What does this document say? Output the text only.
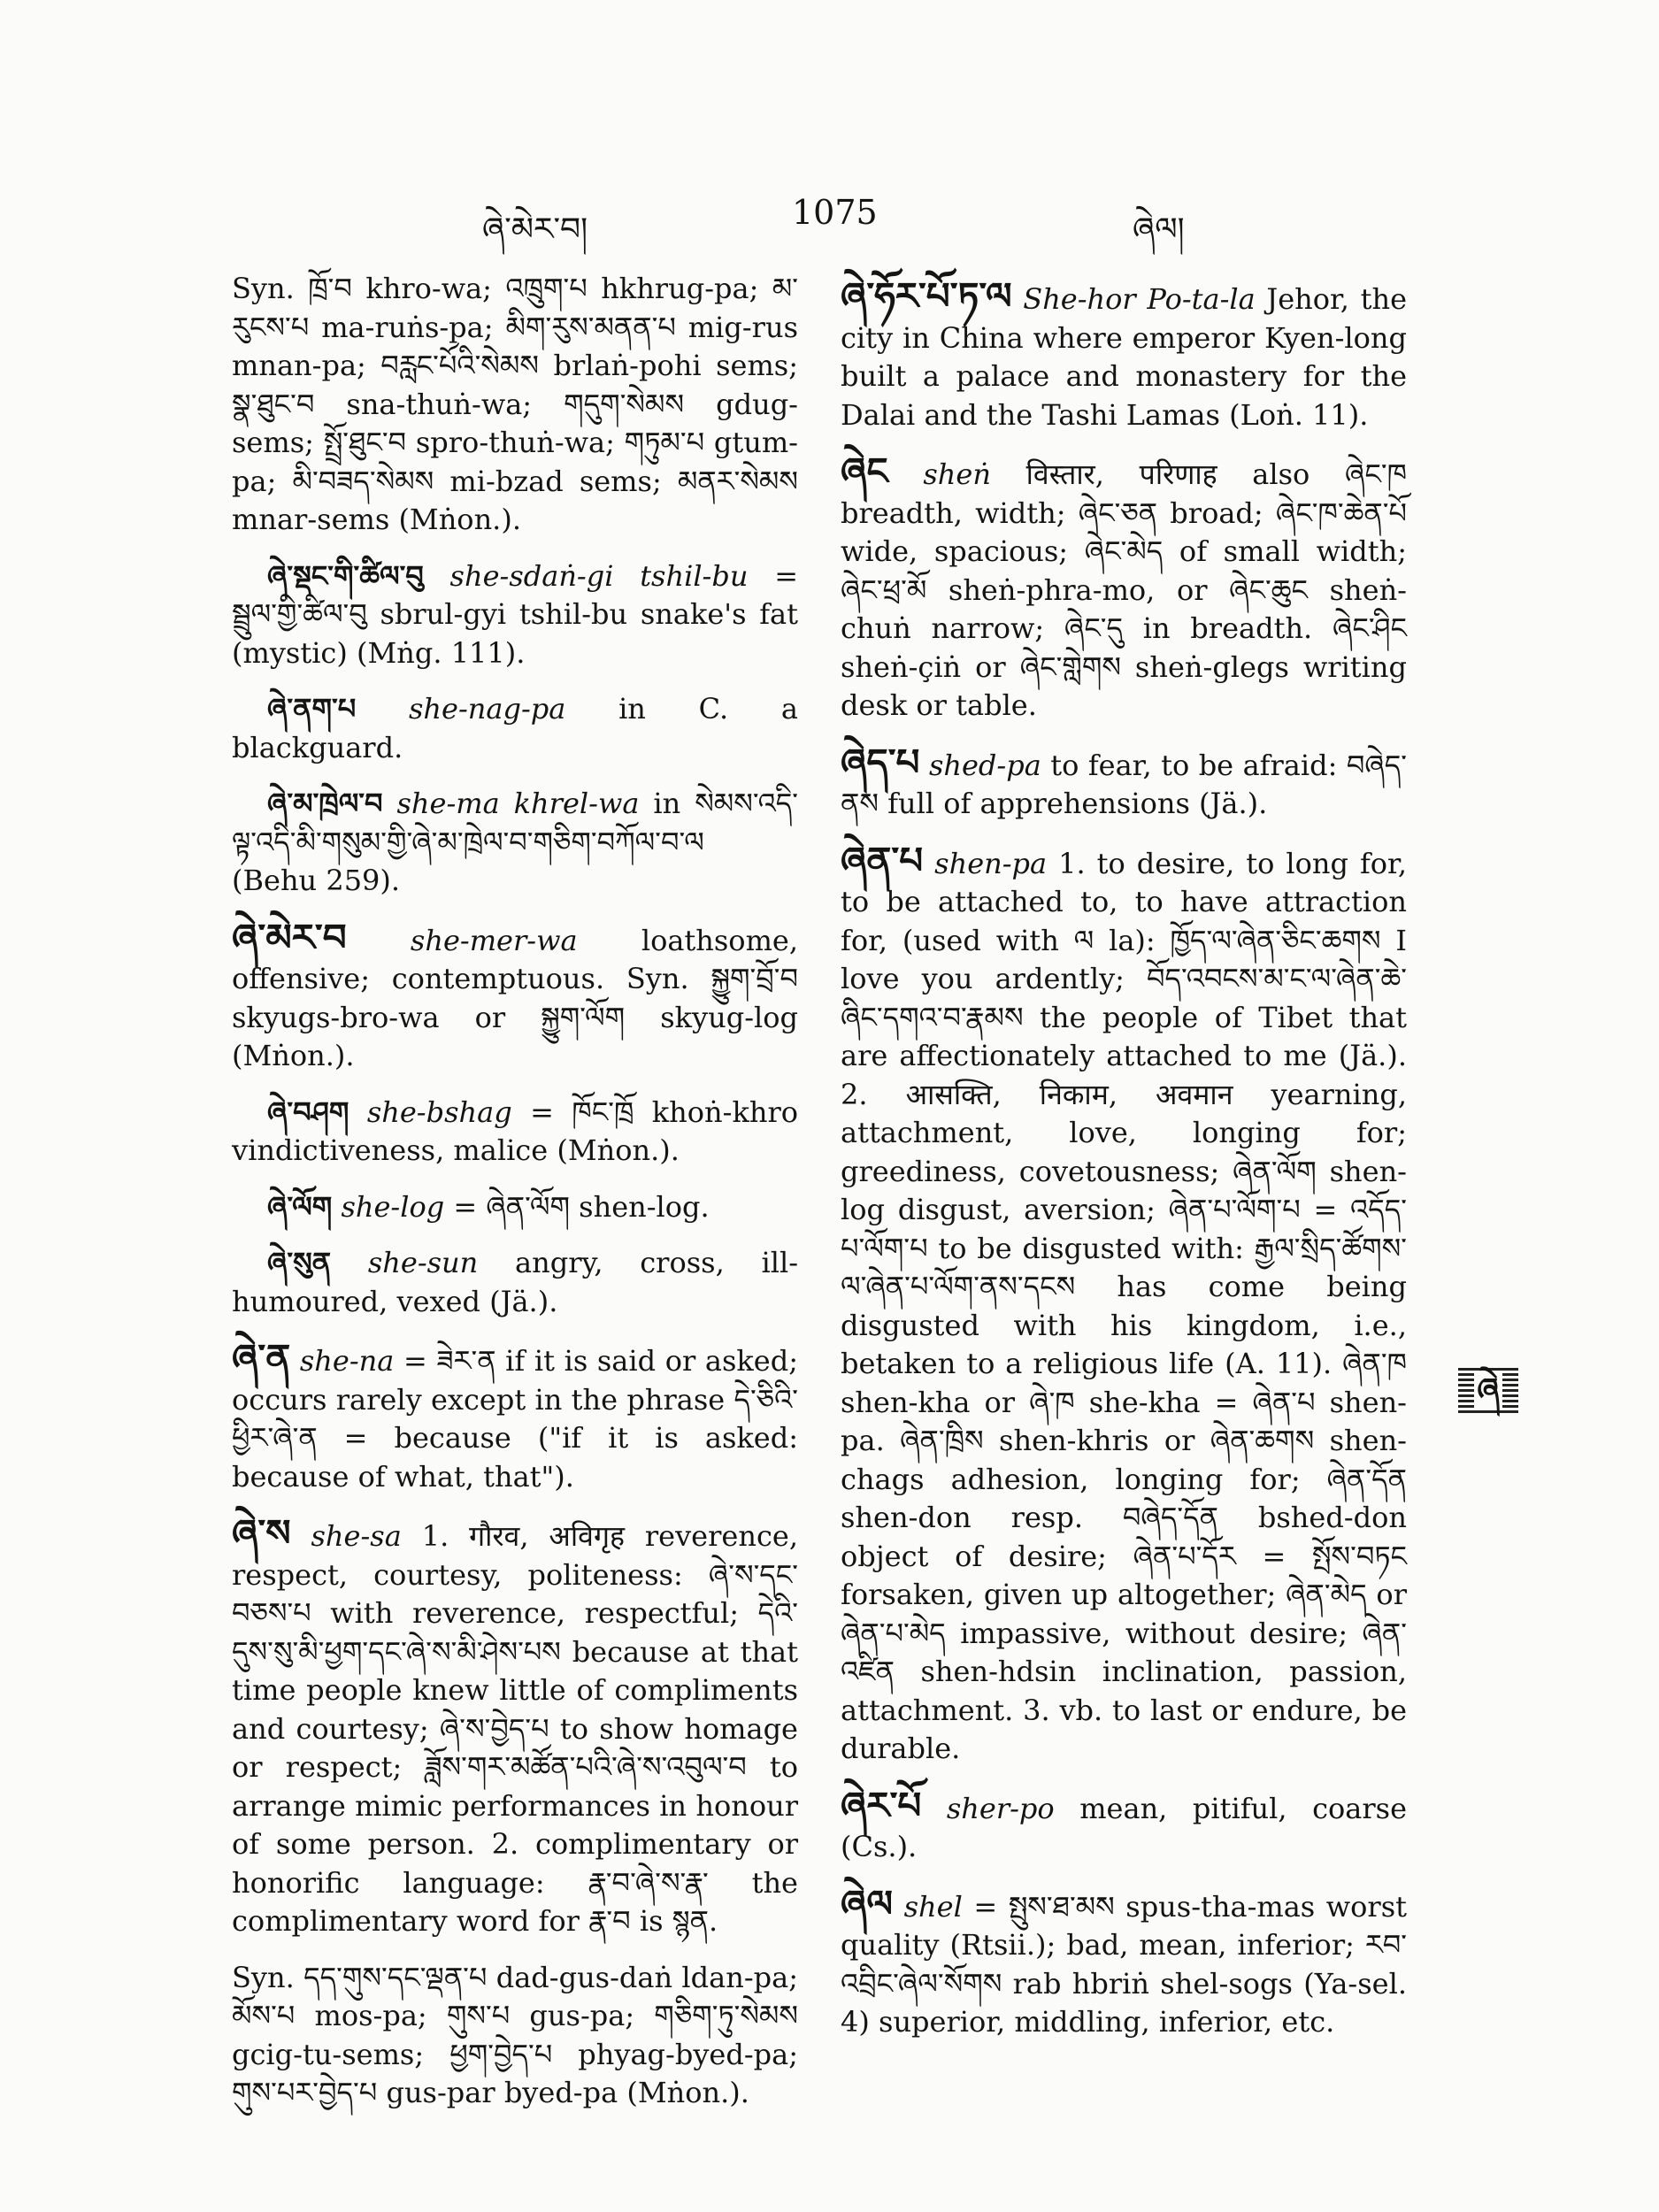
ཞེ་མེར་བ།	1075	ཞེལ།

Syn. ཁྲོ་བ khro-wa; འཁྲུག་པ hkhrug-pa; མ་རུངས་པ ma-ruṅs-pa; མིག་རུས་མནན་པ mig-rus mnan-pa; བརླང་པོའི་སེམས brlaṅ-pohi sems; སྣ་ཐུང་བ sna-thuṅ-wa; གདུག་སེམས gdug-sems; སྤྲོ་ཐུང་བ spro-thuṅ-wa; གཏུམ་པ gtum-pa; མི་བཟད་སེམས mi-bzad sems; མནར་སེམས mnar-sems (Mṅon.).

ཞེ་སྡང་གི་ཚིལ་བུ she-sdaṅ-gi tshil-bu = སྦྲུལ་གྱི་ཚིལ་བུ sbrul-gyi tshil-bu snake's fat (mystic) (Mṅg. 111).

ཞེ་ནག་པ she-nag-pa in C. a blackguard.

ཞེ་མ་ཁྲེལ་བ she-ma khrel-wa in སེམས་འདི་ལྟ་འདི་མི་གསུམ་གྱི་ཞེ་མ་ཁྲེལ་བ་གཅིག་བཀོལ་བ་ལ (Behu 259).

ཞེ་མེར་བ she-mer-wa loathsome, offensive; contemptuous. Syn. སྐྱུག་བྲོ་བ skyugs-bro-wa or སྐྱུག་ལོག skyug-log (Mṅon.).

ཞེ་བཤག she-bshag = ཁོང་ཁྲོ khoṅ-khro vindictiveness, malice (Mṅon.).

ཞེ་ལོག she-log = ཞེན་ལོག shen-log.

ཞེ་སུན she-sun angry, cross, ill-humoured, vexed (Jä.).

ཞེ་ན she-na = ཟེར་ན if it is said or asked; occurs rarely except in the phrase དེ་ཅིའི་ཕྱིར་ཞེ་ན = because ("if it is asked: because of what, that").

ཞེ་ས she-sa 1. गौरव, अविगृह reverence, respect, courtesy, politeness: ཞེ་ས་དང་བཅས་པ with reverence, respectful; དེའི་དུས་སུ་མི་ཕྱག་དང་ཞེ་ས་མི་ཤེས་པས because at that time people knew little of compliments and courtesy; ཞེ་ས་བྱེད་པ to show homage or respect; ཟློས་གར་མཚོན་པའི་ཞེ་ས་འབུལ་བ to arrange mimic performances in honour of some person. 2. complimentary or honorific language: རྣ་བ་ཞེ་ས་རྣ་ the complimentary word for རྣ་བ is སྙན.

Syn. དད་གུས་དང་ལྡན་པ dad-gus-daṅ ldan-pa; མོས་པ mos-pa; གུས་པ gus-pa; གཅིག་ཏུ་སེམས gcig-tu-sems; ཕྱག་བྱེད་པ phyag-byed-pa; གུས་པར་བྱེད་པ gus-par byed-pa (Mṅon.).

ཞེ་ཧོར་པོ་ཏ་ལ She-hor Po-ta-la Jehor, the city in China where emperor Kyen-long built a palace and monastery for the Dalai and the Tashi Lamas (Loṅ. 11).

ཞེང sheṅ विस्तार, परिणाह also ཞེང་ཁ breadth, width; ཞེང་ཅན broad; ཞེང་ཁ་ཆེན་པོ wide, spacious; ཞེང་མེད of small width; ཞེང་ཕྲ་མོ sheṅ-phra-mo, or ཞེང་ཆུང sheṅ-chuṅ narrow; ཞེང་དུ in breadth. ཞེང་ཤིང sheṅ-çiṅ or ཞེང་གླེགས sheṅ-glegs writing desk or table.

ཞེད་པ shed-pa to fear, to be afraid: བཞེད་ནས full of apprehensions (Jä.).

ཞེན་པ shen-pa 1. to desire, to long for, to be attached to, to have attraction for, (used with ལ la): ཁྱོད་ལ་ཞེན་ཅིང་ཆགས I love you ardently; བོད་འབངས་མ་ང་ལ་ཞེན་ཆེ་ཞིང་དགའ་བ་རྣམས the people of Tibet that are affectionately attached to me (Jä.). 2. आसक्ति, निकाम, अवमान yearning, attachment, love, longing for; greediness, covetousness; ཞེན་ལོག shen-log disgust, aversion; ཞེན་པ་ལོག་པ = འདོད་པ་ལོག་པ to be disgusted with: རྒྱལ་སྲིད་ཚོགས་ལ་ཞེན་པ་ལོག་ནས་དངས has come being disgusted with his kingdom, i.e., betaken to a religious life (A. 11). ཞེན་ཁ shen-kha or ཞེ་ཁ she-kha = ཞེན་པ shen-pa. ཞེན་ཁྲིས shen-khris or ཞེན་ཆགས shen-chags adhesion, longing for; ཞེན་དོན shen-don resp. བཞེད་དོན bshed-don object of desire; ཞེན་པ་དོར = སྤོས་བཏང forsaken, given up altogether; ཞེན་མེད or ཞེན་པ་མེད impassive, without desire; ཞེན་འཛིན shen-hdsin inclination, passion, attachment. 3. vb. to last or endure, be durable.

ཞེར་པོ sher-po mean, pitiful, coarse (Cs.).

ཞེལ shel = སྤུས་ཐ་མས spus-tha-mas worst quality (Rtsii.); bad, mean, inferior; རབ་འབྲིང་ཞེལ་སོགས rab hbriṅ shel-sogs (Ya-sel. 4) superior, middling, inferior, etc.

ཞེ
